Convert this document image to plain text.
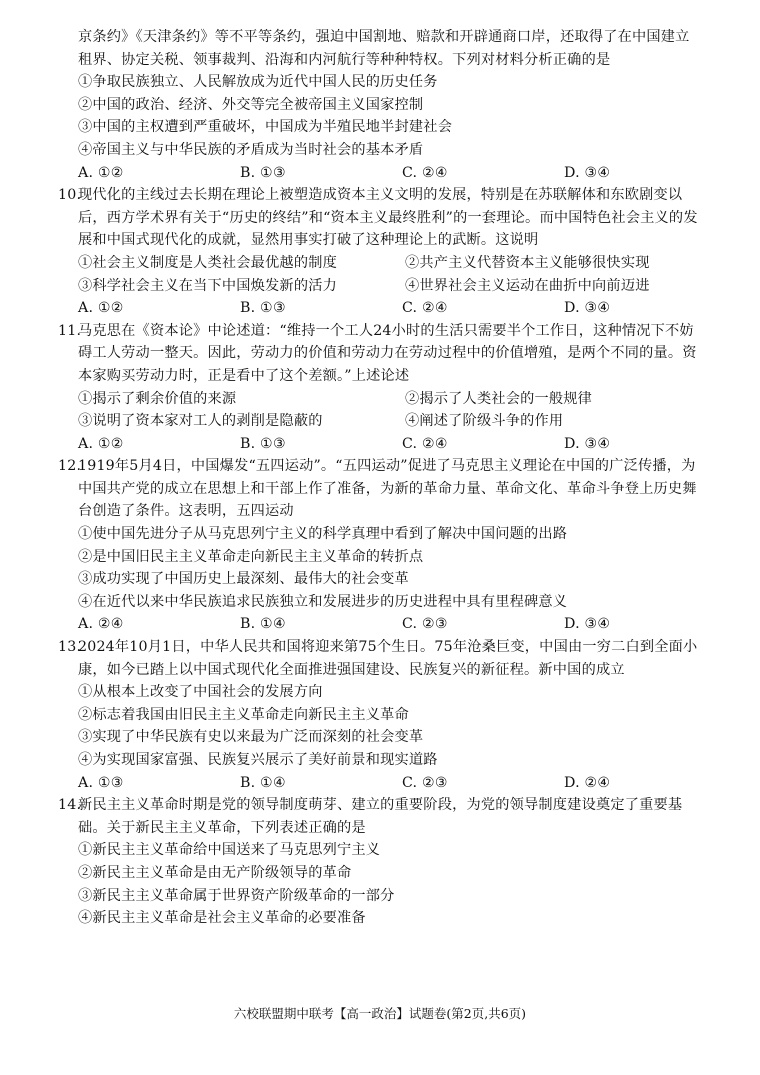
京条约》《天津条约》等不平等条约，强迫中国割地、赔款和开辟通商口岸，还取得了在中国建立租界、协定关税、领事裁判、沿海和内河航行等种种特权。下列对材料分析正确的是
①争取民族独立、人民解放成为近代中国人民的历史任务
②中国的政治、经济、外交等完全被帝国主义国家控制
③中国的主权遭到严重破坏，中国成为半殖民地半封建社会
④帝国主义与中华民族的矛盾成为当时社会的基本矛盾
A. ①②	B. ①③	C. ②④	D. ③④
10.
现代化的主线过去长期在理论上被塑造成资本主义文明的发展，特别是在苏联解体和东欧剧变以后，西方学术界有关于“历史的终结”和“资本主义最终胜利”的一套理论。而中国特色社会主义的发展和中国式现代化的成就，显然用事实打破了这种理论上的武断。这说明
①社会主义制度是人类社会最优越的制度	②共产主义代替资本主义能够很快实现
③科学社会主义在当下中国焕发新的活力	④世界社会主义运动在曲折中向前迈进
A. ①②	B. ①③	C. ②④	D. ③④
11.
马克思在《资本论》中论述道：“维持一个工人24小时的生活只需要半个工作日，这种情况下不妨碍工人劳动一整天。因此，劳动力的价值和劳动力在劳动过程中的价值增殖，是两个不同的量。资本家购买劳动力时，正是看中了这个差额。”上述论述
①揭示了剩余价值的来源	②揭示了人类社会的一般规律
③说明了资本家对工人的剥削是隐蔽的	④阐述了阶级斗争的作用
A. ①②	B. ①③	C. ②④	D. ③④
12.
1919年5月4日，中国爆发“五四运动”。“五四运动”促进了马克思主义理论在中国的广泛传播，为中国共产党的成立在思想上和干部上作了准备，为新的革命力量、革命文化、革命斗争登上历史舞台创造了条件。这表明，五四运动
①使中国先进分子从马克思列宁主义的科学真理中看到了解决中国问题的出路
②是中国旧民主主义革命走向新民主主义革命的转折点
③成功实现了中国历史上最深刻、最伟大的社会变革
④在近代以来中华民族追求民族独立和发展进步的历史进程中具有里程碑意义
A. ②④	B. ①④	C. ②③	D. ③④
13.
2024年10月1日，中华人民共和国将迎来第75个生日。75年沧桑巨变，中国由一穷二白到全面小康，如今已踏上以中国式现代化全面推进强国建设、民族复兴的新征程。新中国的成立
①从根本上改变了中国社会的发展方向
②标志着我国由旧民主主义革命走向新民主主义革命
③实现了中华民族有史以来最为广泛而深刻的社会变革
④为实现国家富强、民族复兴展示了美好前景和现实道路
A. ①③	B. ①④	C. ②③	D. ②④
14.
新民主主义革命时期是党的领导制度萌芽、建立的重要阶段，为党的领导制度建设奠定了重要基础。关于新民主主义革命，下列表述正确的是
①新民主主义革命给中国送来了马克思列宁主义
②新民主主义革命是由无产阶级领导的革命
③新民主主义革命属于世界资产阶级革命的一部分
④新民主主义革命是社会主义革命的必要准备
六校联盟期中联考【高一政治】试题卷(第2页,共6页)
